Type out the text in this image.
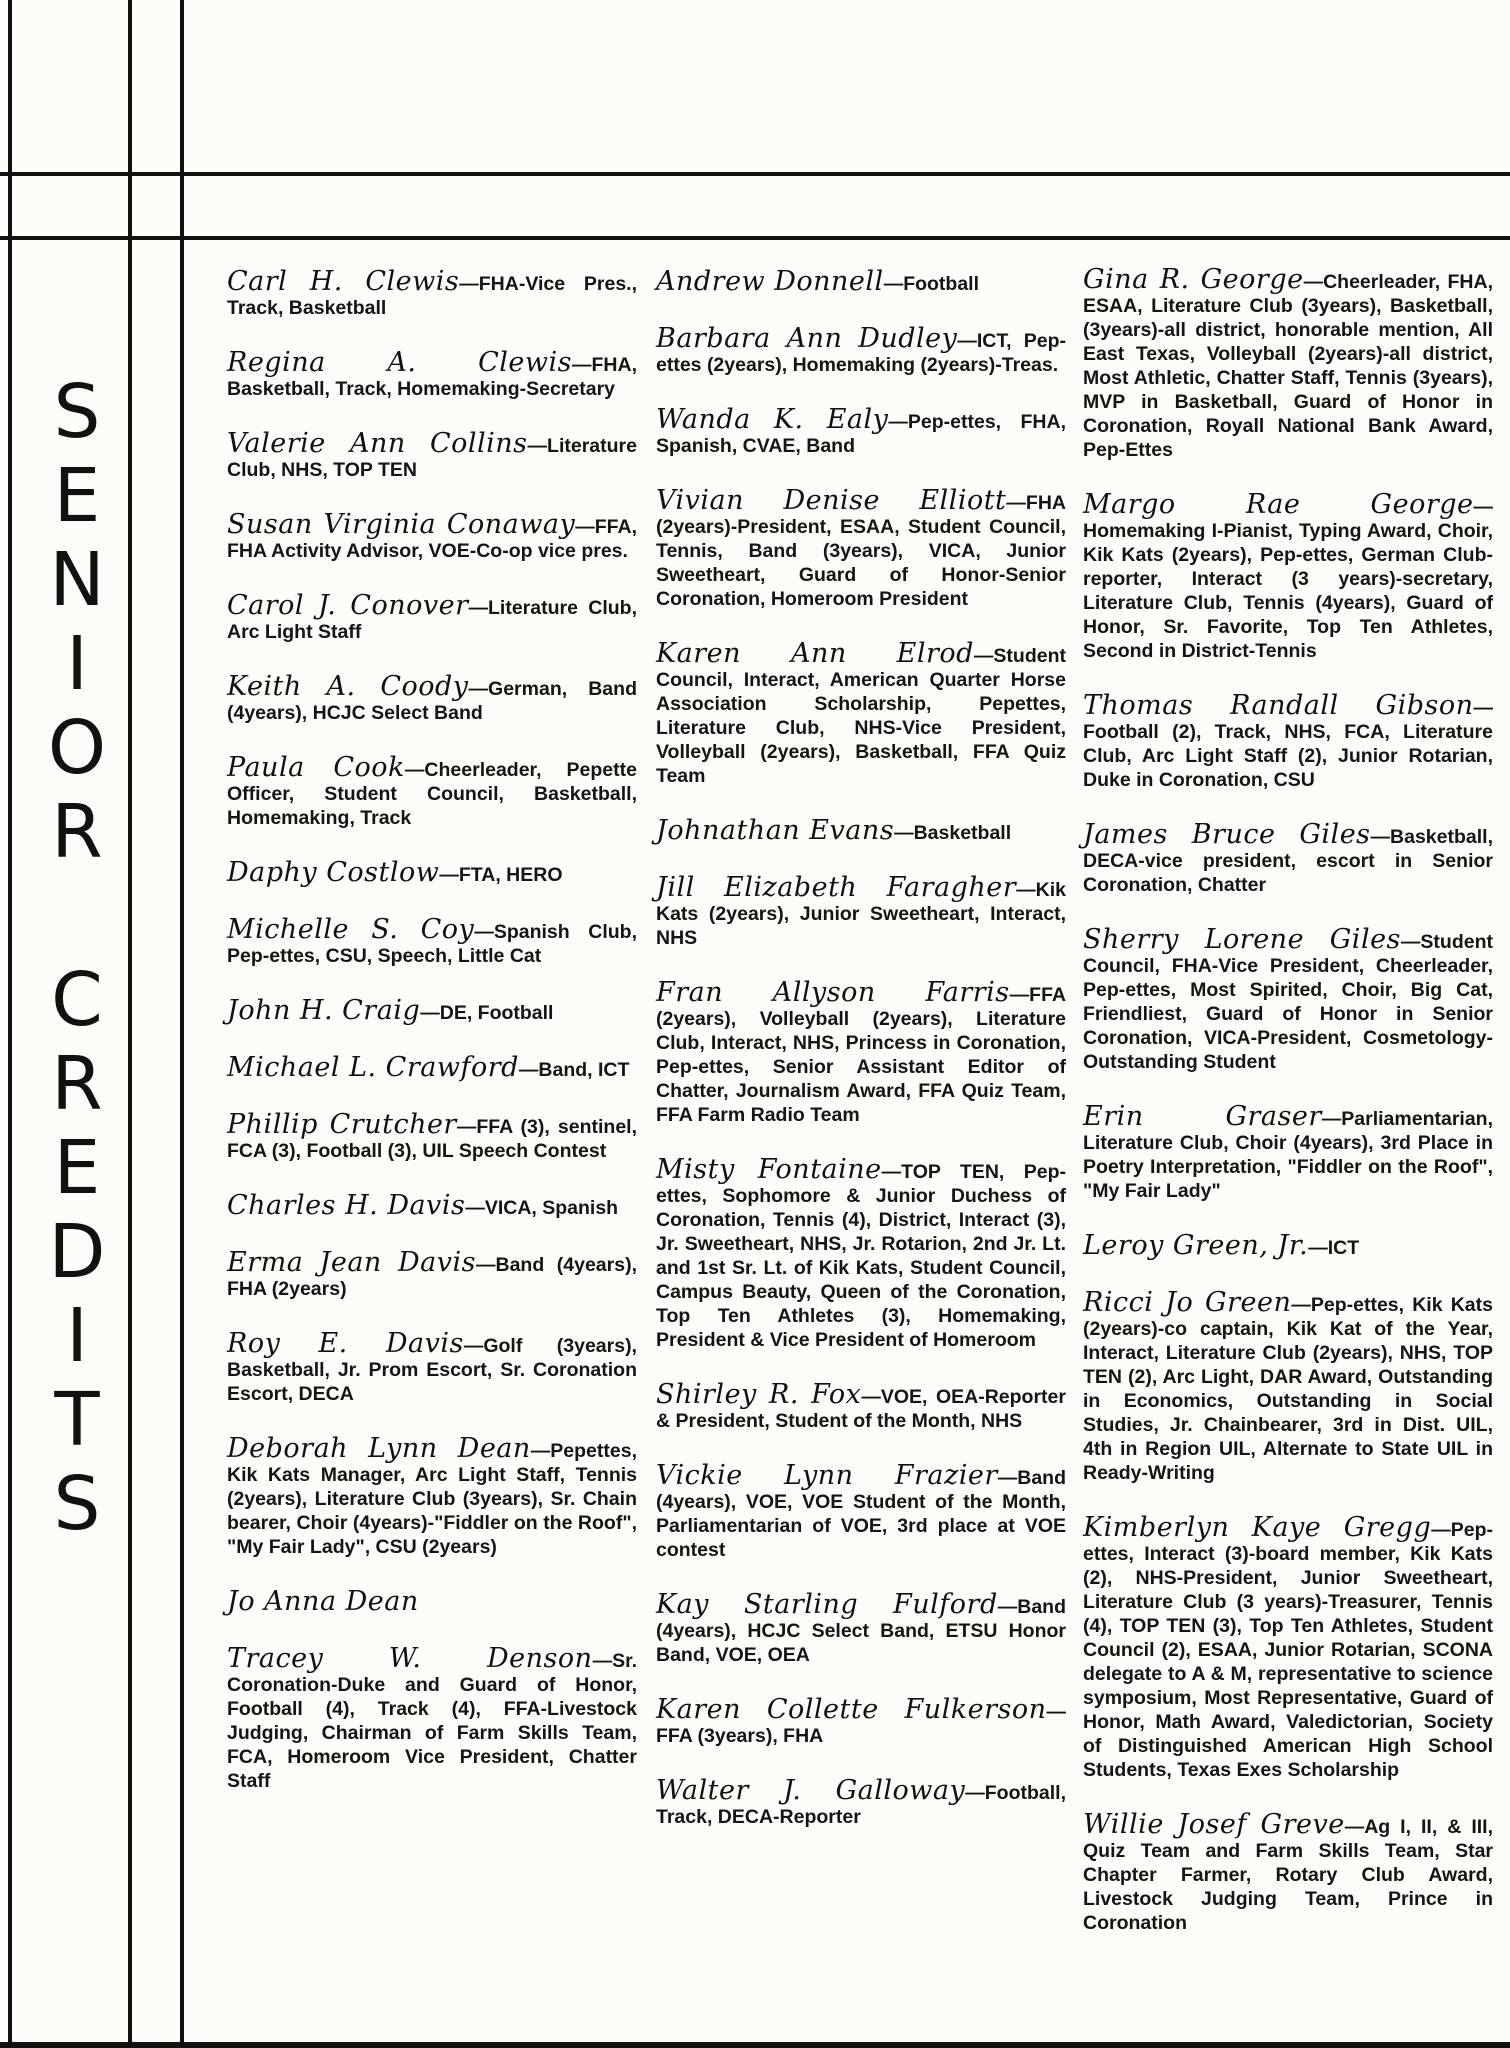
S
E
N
I
O
R
C
R
E
D
I
T
S
Carl H. Clewis—FHA-Vice Pres., Track, Basketball
Regina A. Clewis—FHA, Basketball, Track, Homemaking-Secretary
Valerie Ann Collins—Literature Club, NHS, TOP TEN
Susan Virginia Conaway—FFA, FHA Activity Advisor, VOE-Co-op vice pres.
Carol J. Conover—Literature Club, Arc Light Staff
Keith A. Coody—German, Band (4years), HCJC Select Band
Paula Cook—Cheerleader, Pepette Officer, Student Council, Basketball, Homemaking, Track
Daphy Costlow—FTA, HERO
Michelle S. Coy—Spanish Club, Pep-ettes, CSU, Speech, Little Cat
John H. Craig—DE, Football
Michael L. Crawford—Band, ICT
Phillip Crutcher—FFA (3), sentinel, FCA (3), Football (3), UIL Speech Contest
Charles H. Davis—VICA, Spanish
Erma Jean Davis—Band (4years), FHA (2years)
Roy E. Davis—Golf (3years), Basketball, Jr. Prom Escort, Sr. Coronation Escort, DECA
Deborah Lynn Dean—Pepettes, Kik Kats Manager, Arc Light Staff, Tennis (2years), Literature Club (3years), Sr. Chain bearer, Choir (4years)-"Fiddler on the Roof", "My Fair Lady", CSU (2years)
Jo Anna Dean
Tracey W. Denson—Sr. Coronation-Duke and Guard of Honor, Football (4), Track (4), FFA-Livestock Judging, Chairman of Farm Skills Team, FCA, Homeroom Vice President, Chatter Staff
Andrew Donnell—Football
Barbara Ann Dudley—ICT, Pep-ettes (2years), Homemaking (2years)-Treas.
Wanda K. Ealy—Pep-ettes, FHA, Spanish, CVAE, Band
Vivian Denise Elliott—FHA (2years)-President, ESAA, Student Council, Tennis, Band (3years), VICA, Junior Sweetheart, Guard of Honor-Senior Coronation, Homeroom President
Karen Ann Elrod—Student Council, Interact, American Quarter Horse Association Scholarship, Pepettes, Literature Club, NHS-Vice President, Volleyball (2years), Basketball, FFA Quiz Team
Johnathan Evans—Basketball
Jill Elizabeth Faragher—Kik Kats (2years), Junior Sweetheart, Interact, NHS
Fran Allyson Farris—FFA (2years), Volleyball (2years), Literature Club, Interact, NHS, Princess in Coronation, Pep-ettes, Senior Assistant Editor of Chatter, Journalism Award, FFA Quiz Team, FFA Farm Radio Team
Misty Fontaine—TOP TEN, Pep-ettes, Sophomore & Junior Duchess of Coronation, Tennis (4), District, Interact (3), Jr. Sweetheart, NHS, Jr. Rotarion, 2nd Jr. Lt. and 1st Sr. Lt. of Kik Kats, Student Council, Campus Beauty, Queen of the Coronation, Top Ten Athletes (3), Homemaking, President & Vice President of Homeroom
Shirley R. Fox—VOE, OEA-Reporter & President, Student of the Month, NHS
Vickie Lynn Frazier—Band (4years), VOE, VOE Student of the Month, Parliamentarian of VOE, 3rd place at VOE contest
Kay Starling Fulford—Band (4years), HCJC Select Band, ETSU Honor Band, VOE, OEA
Karen Collette Fulkerson—FFA (3years), FHA
Walter J. Galloway—Football, Track, DECA-Reporter
Gina R. George—Cheerleader, FHA, ESAA, Literature Club (3years), Basketball, (3years)-all district, honorable mention, All East Texas, Volleyball (2years)-all district, Most Athletic, Chatter Staff, Tennis (3years), MVP in Basketball, Guard of Honor in Coronation, Royall National Bank Award, Pep-Ettes
Margo Rae George—Homemaking I-Pianist, Typing Award, Choir, Kik Kats (2years), Pep-ettes, German Club-reporter, Interact (3 years)-secretary, Literature Club, Tennis (4years), Guard of Honor, Sr. Favorite, Top Ten Athletes, Second in District-Tennis
Thomas Randall Gibson—Football (2), Track, NHS, FCA, Literature Club, Arc Light Staff (2), Junior Rotarian, Duke in Coronation, CSU
James Bruce Giles—Basketball, DECA-vice president, escort in Senior Coronation, Chatter
Sherry Lorene Giles—Student Council, FHA-Vice President, Cheerleader, Pep-ettes, Most Spirited, Choir, Big Cat, Friendliest, Guard of Honor in Senior Coronation, VICA-President, Cosmetology-Outstanding Student
Erin Graser—Parliamentarian, Literature Club, Choir (4years), 3rd Place in Poetry Interpretation, "Fiddler on the Roof", "My Fair Lady"
Leroy Green, Jr.—ICT
Ricci Jo Green—Pep-ettes, Kik Kats (2years)-co captain, Kik Kat of the Year, Interact, Literature Club (2years), NHS, TOP TEN (2), Arc Light, DAR Award, Outstanding in Economics, Outstanding in Social Studies, Jr. Chainbearer, 3rd in Dist. UIL, 4th in Region UIL, Alternate to State UIL in Ready-Writing
Kimberlyn Kaye Gregg—Pep-ettes, Interact (3)-board member, Kik Kats (2), NHS-President, Junior Sweetheart, Literature Club (3 years)-Treasurer, Tennis (4), TOP TEN (3), Top Ten Athletes, Student Council (2), ESAA, Junior Rotarian, SCONA delegate to A & M, representative to science symposium, Most Representative, Guard of Honor, Math Award, Valedictorian, Society of Distinguished American High School Students, Texas Exes Scholarship
Willie Josef Greve—Ag I, II, & III, Quiz Team and Farm Skills Team, Star Chapter Farmer, Rotary Club Award, Livestock Judging Team, Prince in Coronation
